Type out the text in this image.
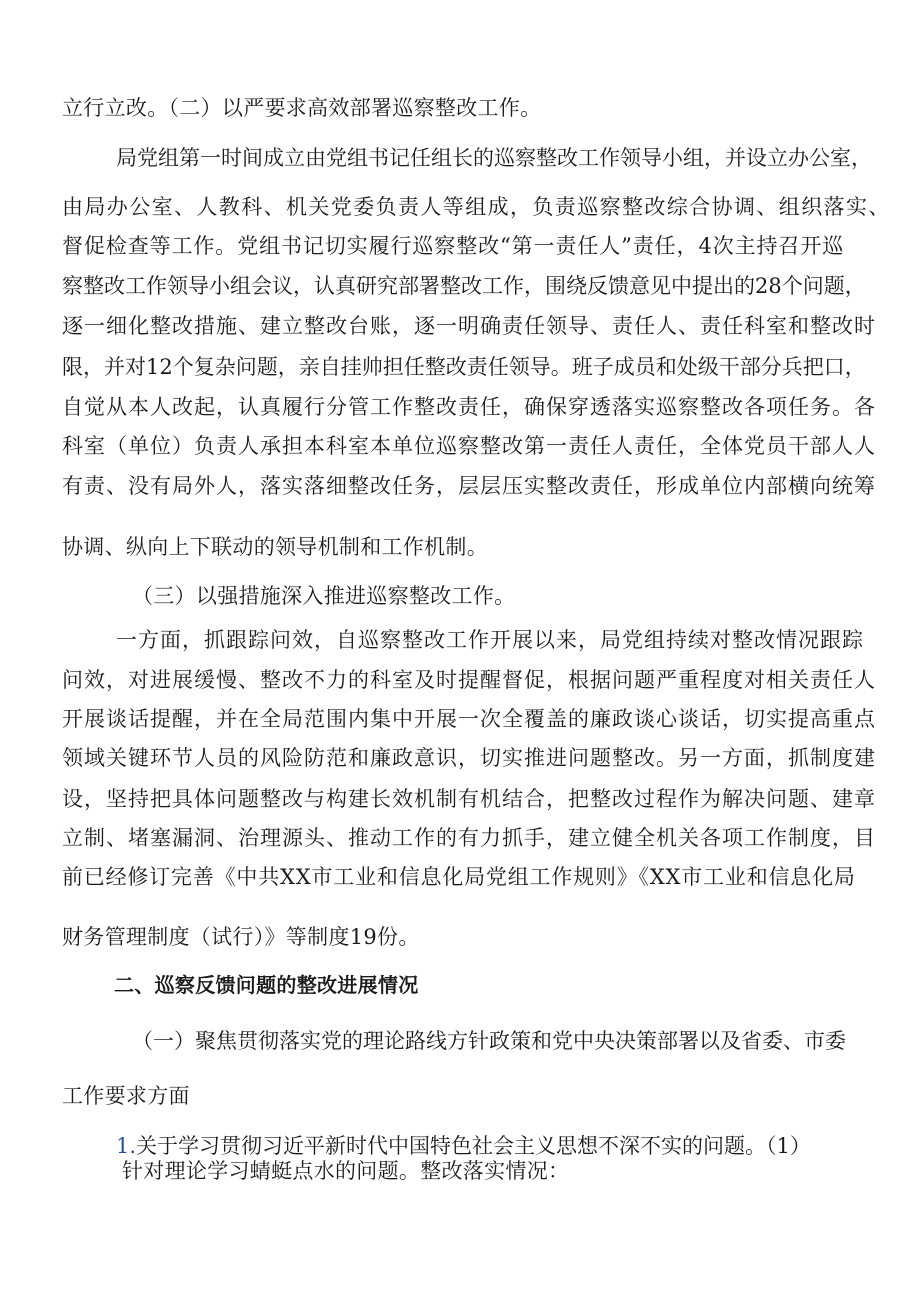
立行立改。（二）以严要求高效部署巡察整改工作。

局党组第一时间成立由党组书记任组长的巡察整改工作领导小组，并设立办公室，

由局办公室、人教科、机关党委负责人等组成，负责巡察整改综合协调、组织落实、

督促检查等工作。党组书记切实履行巡察整改“第一责任人”责任，4次主持召开巡

察整改工作领导小组会议，认真研究部署整改工作，围绕反馈意见中提出的28个问题，

逐一细化整改措施、建立整改台账，逐一明确责任领导、责任人、责任科室和整改时

限，并对12个复杂问题，亲自挂帅担任整改责任领导。班子成员和处级干部分兵把口，

自觉从本人改起，认真履行分管工作整改责任，确保穿透落实巡察整改各项任务。各

科室（单位）负责人承担本科室本单位巡察整改第一责任人责任，全体党员干部人人

有责、没有局外人，落实落细整改任务，层层压实整改责任，形成单位内部横向统筹

协调、纵向上下联动的领导机制和工作机制。

（三）以强措施深入推进巡察整改工作。

一方面，抓跟踪问效，自巡察整改工作开展以来，局党组持续对整改情况跟踪

问效，对进展缓慢、整改不力的科室及时提醒督促，根据问题严重程度对相关责任人

开展谈话提醒，并在全局范围内集中开展一次全覆盖的廉政谈心谈话，切实提高重点

领域关键环节人员的风险防范和廉政意识，切实推进问题整改。另一方面，抓制度建

设，坚持把具体问题整改与构建长效机制有机结合，把整改过程作为解决问题、建章

立制、堵塞漏洞、治理源头、推动工作的有力抓手，建立健全机关各项工作制度，目

前已经修订完善《中共XX市工业和信息化局党组工作规则》《XX市工业和信息化局

财务管理制度（试行）》等制度19份。

二、巡察反馈问题的整改进展情况

（一）聚焦贯彻落实党的理论路线方针政策和党中央决策部署以及省委、市委

工作要求方面

1.关于学习贯彻习近平新时代中国特色社会主义思想不深不实的问题。（1）

针对理论学习蜻蜓点水的问题。整改落实情况：
